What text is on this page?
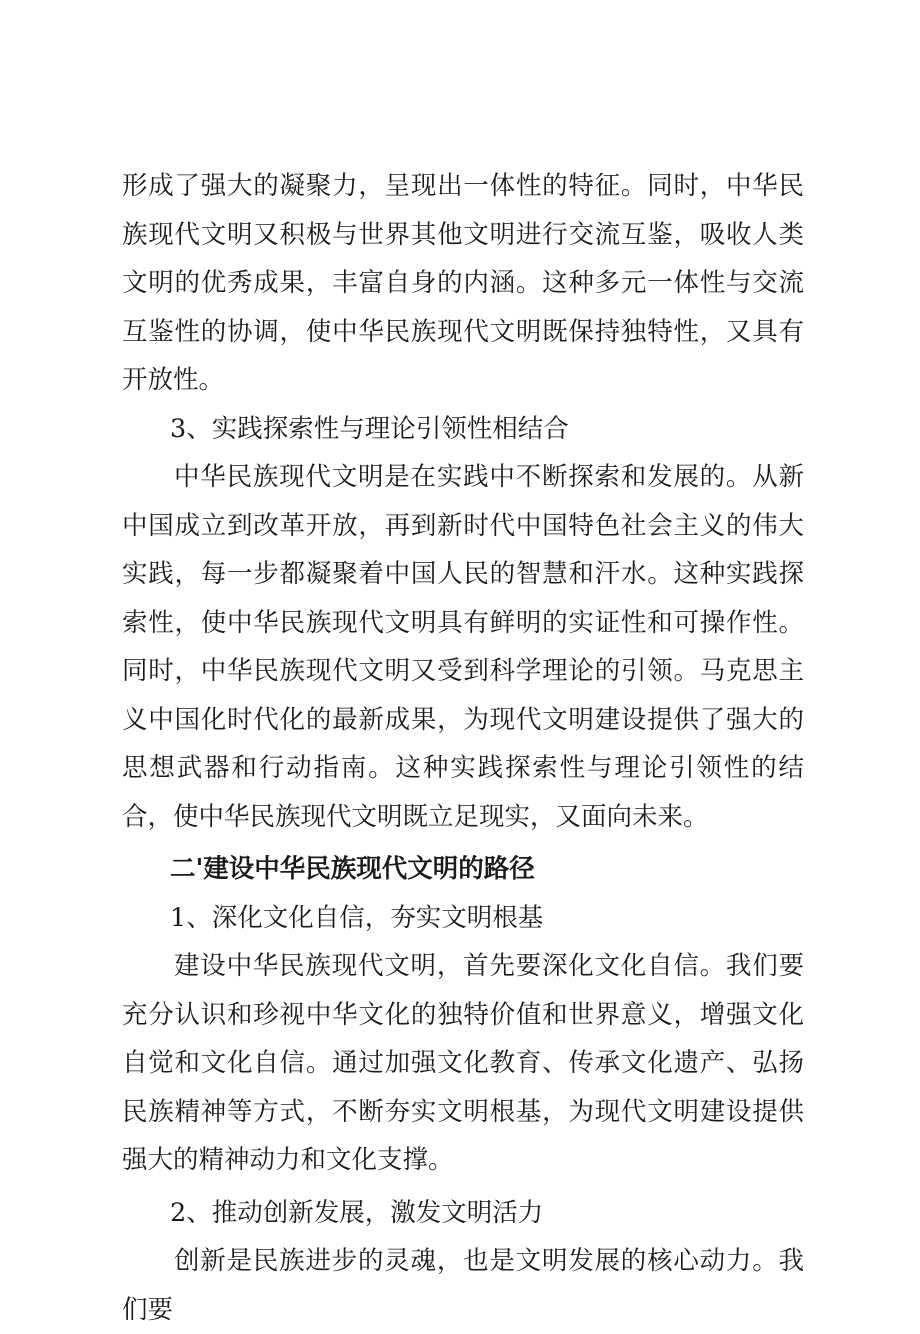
形成了强大的凝聚力，呈现出一体性的特征。同时，中华民族现代文明又积极与世界其他文明进行交流互鉴，吸收人类文明的优秀成果，丰富自身的内涵。这种多元一体性与交流互鉴性的协调，使中华民族现代文明既保持独特性，又具有开放性。

3、实践探索性与理论引领性相结合

中华民族现代文明是在实践中不断探索和发展的。从新中国成立到改革开放，再到新时代中国特色社会主义的伟大实践，每一步都凝聚着中国人民的智慧和汗水。这种实践探索性，使中华民族现代文明具有鲜明的实证性和可操作性。同时，中华民族现代文明又受到科学理论的引领。马克思主义中国化时代化的最新成果，为现代文明建设提供了强大的思想武器和行动指南。这种实践探索性与理论引领性的结合，使中华民族现代文明既立足现实，又面向未来。

二'建设中华民族现代文明的路径

1、深化文化自信，夯实文明根基

建设中华民族现代文明，首先要深化文化自信。我们要充分认识和珍视中华文化的独特价值和世界意义，增强文化自觉和文化自信。通过加强文化教育、传承文化遗产、弘扬民族精神等方式，不断夯实文明根基，为现代文明建设提供强大的精神动力和文化支撑。

2、推动创新发展，激发文明活力

创新是民族进步的灵魂，也是文明发展的核心动力。我们要
